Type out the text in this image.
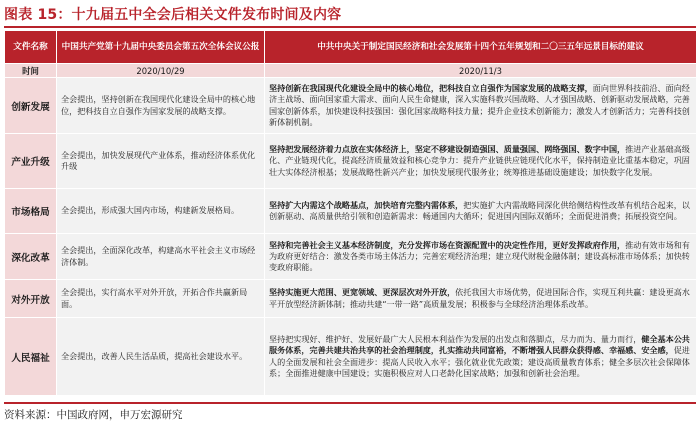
图表 15：十九届五中全会后相关文件发布时间及内容
文件名称	中国共产党第十九届中央委员会第五次全体会议公报	中共中央关于制定国民经济和社会发展第十四个五年规划和二〇三五年远景目标的建议
时间	2020/10/29	2020/11/3
创新发展	全会提出，坚持创新在我国现代化建设全局中的核心地位，把科技自立自强作为国家发展的战略支撑。	坚持创新在我国现代化建设全局中的核心地位，把科技自立自强作为国家发展的战略支撑，面向世界科技前沿、面向经济主战场、面向国家重大需求、面向人民生命健康，深入实施科教兴国战略、人才强国战略、创新驱动发展战略，完善国家创新体系，加快建设科技强国：强化国家战略科技力量；提升企业技术创新能力；激发人才创新活力；完善科技创新体制机制。
产业升级	全会提出，加快发展现代产业体系，推动经济体系优化升级	坚持把发展经济着力点放在实体经济上，坚定不移建设制造强国、质量强国、网络强国、数字中国，推进产业基础高级化、产业链现代化，提高经济质量效益和核心竞争力：提升产业链供应链现代化水平，保持制造业比重基本稳定，巩固壮大实体经济根基；发展战略性新兴产业；加快发展现代服务业；统筹推进基础设施建设；加快数字化发展。
市场格局	全会提出，形成强大国内市场，构建新发展格局。	坚持扩大内需这个战略基点，加快培育完整内需体系，把实施扩大内需战略同深化供给侧结构性改革有机结合起来，以创新驱动、高质量供给引领和创造新需求：畅通国内大循环；促进国内国际双循环；全面促进消费；拓展投资空间。
深化改革	全会提出，全面深化改革，构建高水平社会主义市场经济体制。	坚持和完善社会主义基本经济制度，充分发挥市场在资源配置中的决定性作用，更好发挥政府作用，推动有效市场和有为政府更好结合：激发各类市场主体活力；完善宏观经济治理；建立现代财税金融体制；建设高标准市场体系；加快转变政府职能。
对外开放	全会提出，实行高水平对外开放，开拓合作共赢新局面。	坚持实施更大范围、更宽领域、更深层次对外开放，依托我国大市场优势，促进国际合作，实现互利共赢：建设更高水平开放型经济新体制；推动共建“一带一路”高质量发展；积极参与全球经济治理体系改革。
人民福祉	全会提出，改善人民生活品质，提高社会建设水平。	坚持把实现好、维护好、发展好最广大人民根本利益作为发展的出发点和落脚点，尽力而为、量力而行，健全基本公共服务体系，完善共建共治共享的社会治理制度，扎实推动共同富裕，不断增强人民群众获得感、幸福感、安全感，促进人的全面发展和社会全面进步：提高人民收入水平；强化就业优先政策；建设高质量教育体系；健全多层次社会保障体系；全面推进健康中国建设；实施积极应对人口老龄化国家战略；加强和创新社会治理。
资料来源：中国政府网，申万宏源研究
